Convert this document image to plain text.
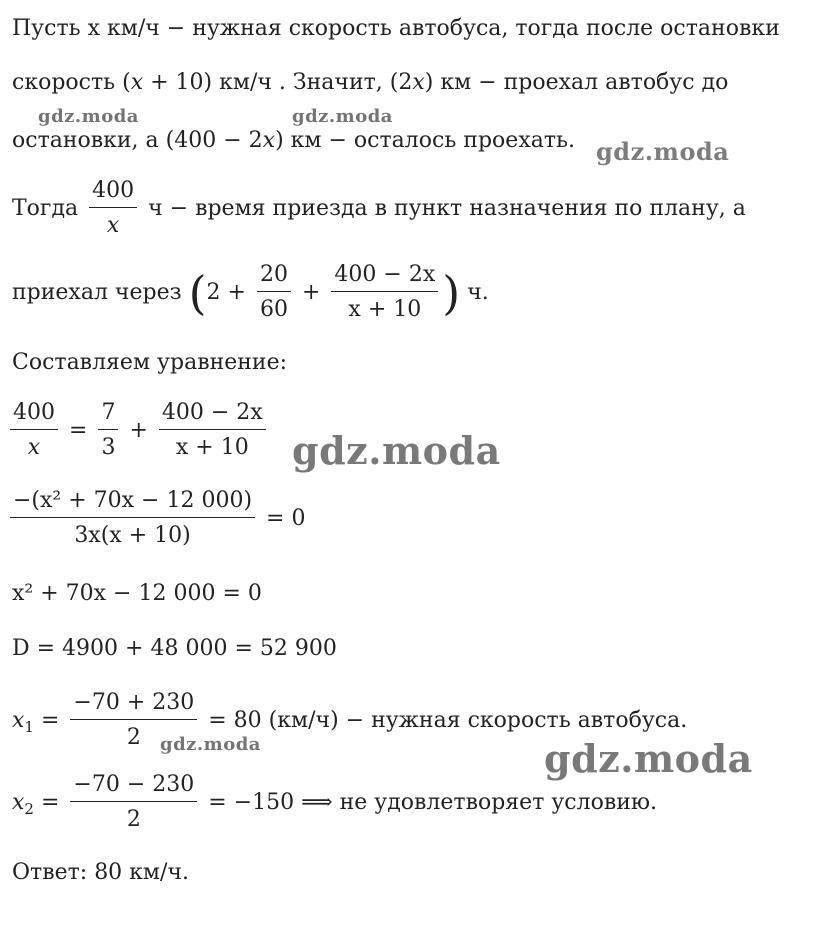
Пусть x км/ч − нужная скорость автобуса, тогда после остановки
скорость (x + 10) км/ч . Значит, (2x) км − проехал автобус до
остановки, а (400 − 2x) км − осталось проехать.
Тогда $\frac{400}{x}$ ч − время приезда в пункт назначения по плану, а
приехал через ($2 + \frac{20}{60} + \frac{400 - 2x}{x + 10}$ ) ч.
Составляем уравнение:
$\frac{400}{x} = \frac{7}{3} + \frac{400 - 2x}{x + 10}$
$\frac{\text{−(x² + 70x − 12 000)}}{3x(x + 10)} = 0$
x² + 70x − 12 000 = 0
D = 4900 + 48 000 = 52 900
$x_1 = \frac{-70 + 230}{2} = 80$ (км/ч) − нужная скорость автобуса.
$x_2 = \frac{-70 - 230}{2} = -150$ ⟹ не удовлетворяет условию.
Ответ: 80 км/ч.
gdz.moda	gdz.moda
gdz.moda
gdz.moda
gdz.moda	gdz.moda
